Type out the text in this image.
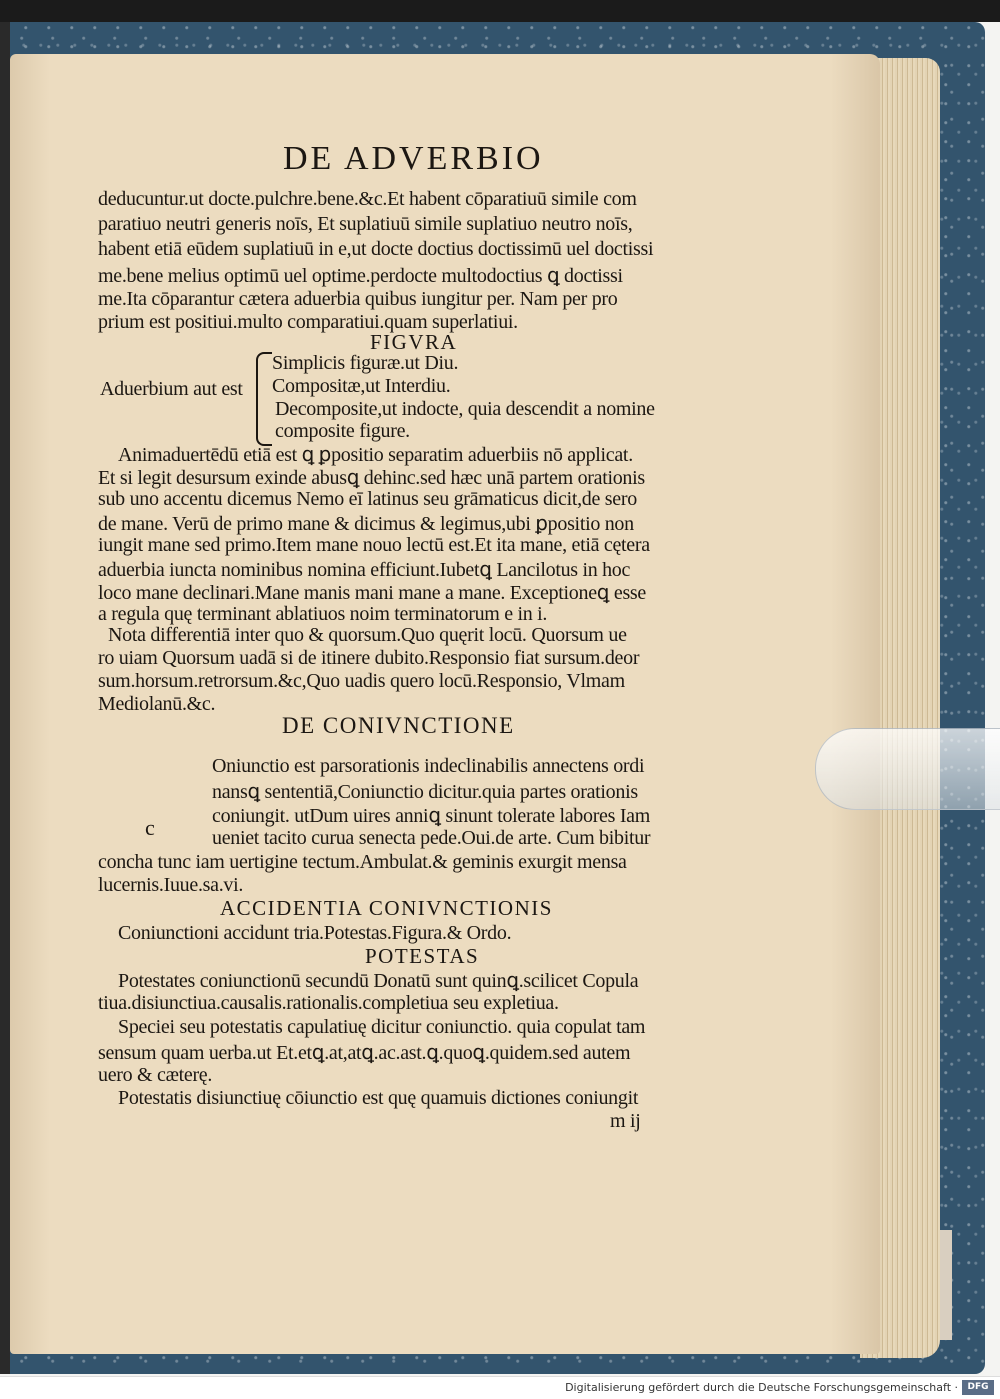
DE ADVERBIO
deducuntur.ut docte.pulchre.bene.&c.Et habent cōparatiuū simile com
paratiuo neutri generis noīs, Et suplatiuū simile suplatiuo neutro noīs,
habent etiā eūdem suplatiuū in e,ut docte doctius doctissimū uel doctissi
me.bene melius optimū uel optime.perdocte multodoctius ꝗ doctissi
me.Ita cōparantur cætera aduerbia quibus iungitur per. Nam per pro
prium est positiui.multo comparatiui.quam superlatiui.
FIGVRA
Aduerbium aut est
Simplicis figuræ.ut Diu.
Compositæ,ut Interdiu.
Decomposite,ut indocte, quia descendit a nomine
composite figure.
Animaduertēdū etiā est ꝗ ꝑpositio separatim aduerbiis nō applicat.
Et si legit desursum exinde abusꝗ dehinc.sed hæc unā partem orationis
sub uno accentu dicemus Nemo eī latinus seu grāmaticus dicit,de sero
de mane. Verū de primo mane & dicimus & legimus,ubi ꝑpositio non
iungit mane sed primo.Item mane nouo lectū est.Et ita mane, etiā cętera
aduerbia iuncta nominibus nomina efficiunt.Iubetꝗ Lancilotus in hoc
loco mane declinari.Mane manis mani mane a mane. Exceptioneꝗ esse
a regula quę terminant ablatiuos noim terminatorum e in i.
Nota differentiā inter quo & quorsum.Quo quęrit locū. Quorsum ue
ro uiam Quorsum uadā si de itinere dubito.Responsio fiat sursum.deor
sum.horsum.retrorsum.&c,Quo uadis quero locū.Responsio, Vlmam
Mediolanū.&c.
DE CONIVNCTIONE
c
Oniunctio est parsorationis indeclinabilis annectens ordi
nansꝗ sententiā,Coniunctio dicitur.quia partes orationis
coniungit. utDum uires anniꝗ sinunt tolerate labores Iam
ueniet tacito curua senecta pede.Oui.de arte. Cum bibitur
concha tunc iam uertigine tectum.Ambulat.& geminis exurgit mensa
lucernis.Iuue.sa.vi.
ACCIDENTIA CONIVNCTIONIS
Coniunctioni accidunt tria.Potestas.Figura.& Ordo.
POTESTAS
Potestates coniunctionū secundū Donatū sunt quinꝗ.scilicet Copula
tiua.disiunctiua.causalis.rationalis.completiua seu expletiua.
Speciei seu potestatis capulatiuę dicitur coniunctio. quia copulat tam
sensum quam uerba.ut Et.etꝗ.at,atꝗ.ac.ast.ꝗ.quoꝗ.quidem.sed autem
uero & cæterę.
Potestatis disiunctiuę cōiunctio est quę quamuis dictiones coniungit
m ij
Digitalisierung gefördert durch die Deutsche Forschungsgemeinschaft ·	DFG
